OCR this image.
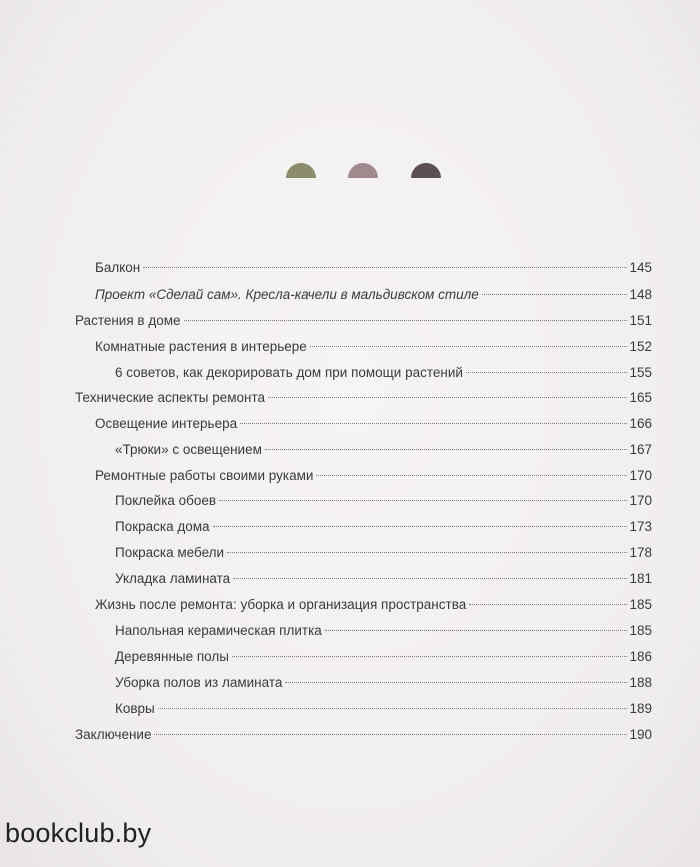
Балкон	145
Проект «Сделай сам». Кресла-качели в мальдивском стиле	148
Растения в доме	151
Комнатные растения в интерьере	152
6 советов, как декорировать дом при помощи растений	155
Технические аспекты ремонта	165
Освещение интерьера	166
«Трюки» с освещением	167
Ремонтные работы своими руками	170
Поклейка обоев	170
Покраска дома	173
Покраска мебели	178
Укладка ламината	181
Жизнь после ремонта: уборка и организация пространства	185
Напольная керамическая плитка	185
Деревянные полы	186
Уборка полов из ламината	188
Ковры	189
Заключение	190
bookclub.by
